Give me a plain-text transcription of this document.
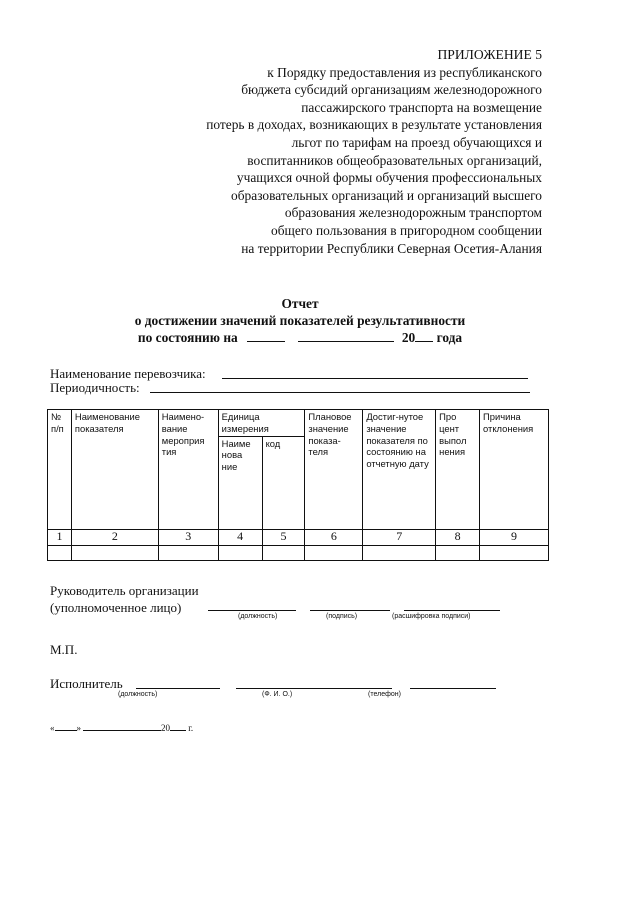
ПРИЛОЖЕНИЕ 5
к Порядку предоставления из республиканского
бюджета субсидий организациям железнодорожного
пассажирского транспорта на возмещение
потерь в доходах, возникающих в результате установления
льгот по тарифам на проезд обучающихся и
воспитанников общеобразовательных организаций,
учащихся очной формы обучения профессиональных
образовательных организаций и организаций высшего
образования железнодорожным транспортом
общего пользования в пригородном сообщении
на территории Республики Северная Осетия-Алания
Отчет
о достижении значений показателей результативности
по состоянию на	20 года
Наименование перевозчика:
Периодичность:
№ п/п	Наименование показателя	Наимено-вание мероприя тия	Единица измерения		Плановое значение показа-теля	Достиг-нутое значение показателя по состоянию на отчетную дату	Про цент выпол нения	Причина отклонения
			Наиме нова ние	код				
1	2	3	4	5	6	7	8	9

Руководитель организации
(уполномоченное лицо)
(должность)	(подпись)	(расшифровка подписи)
М.П.
Исполнитель
(должность)	(Ф. И. О.)	(телефон)
« »	20 г.
